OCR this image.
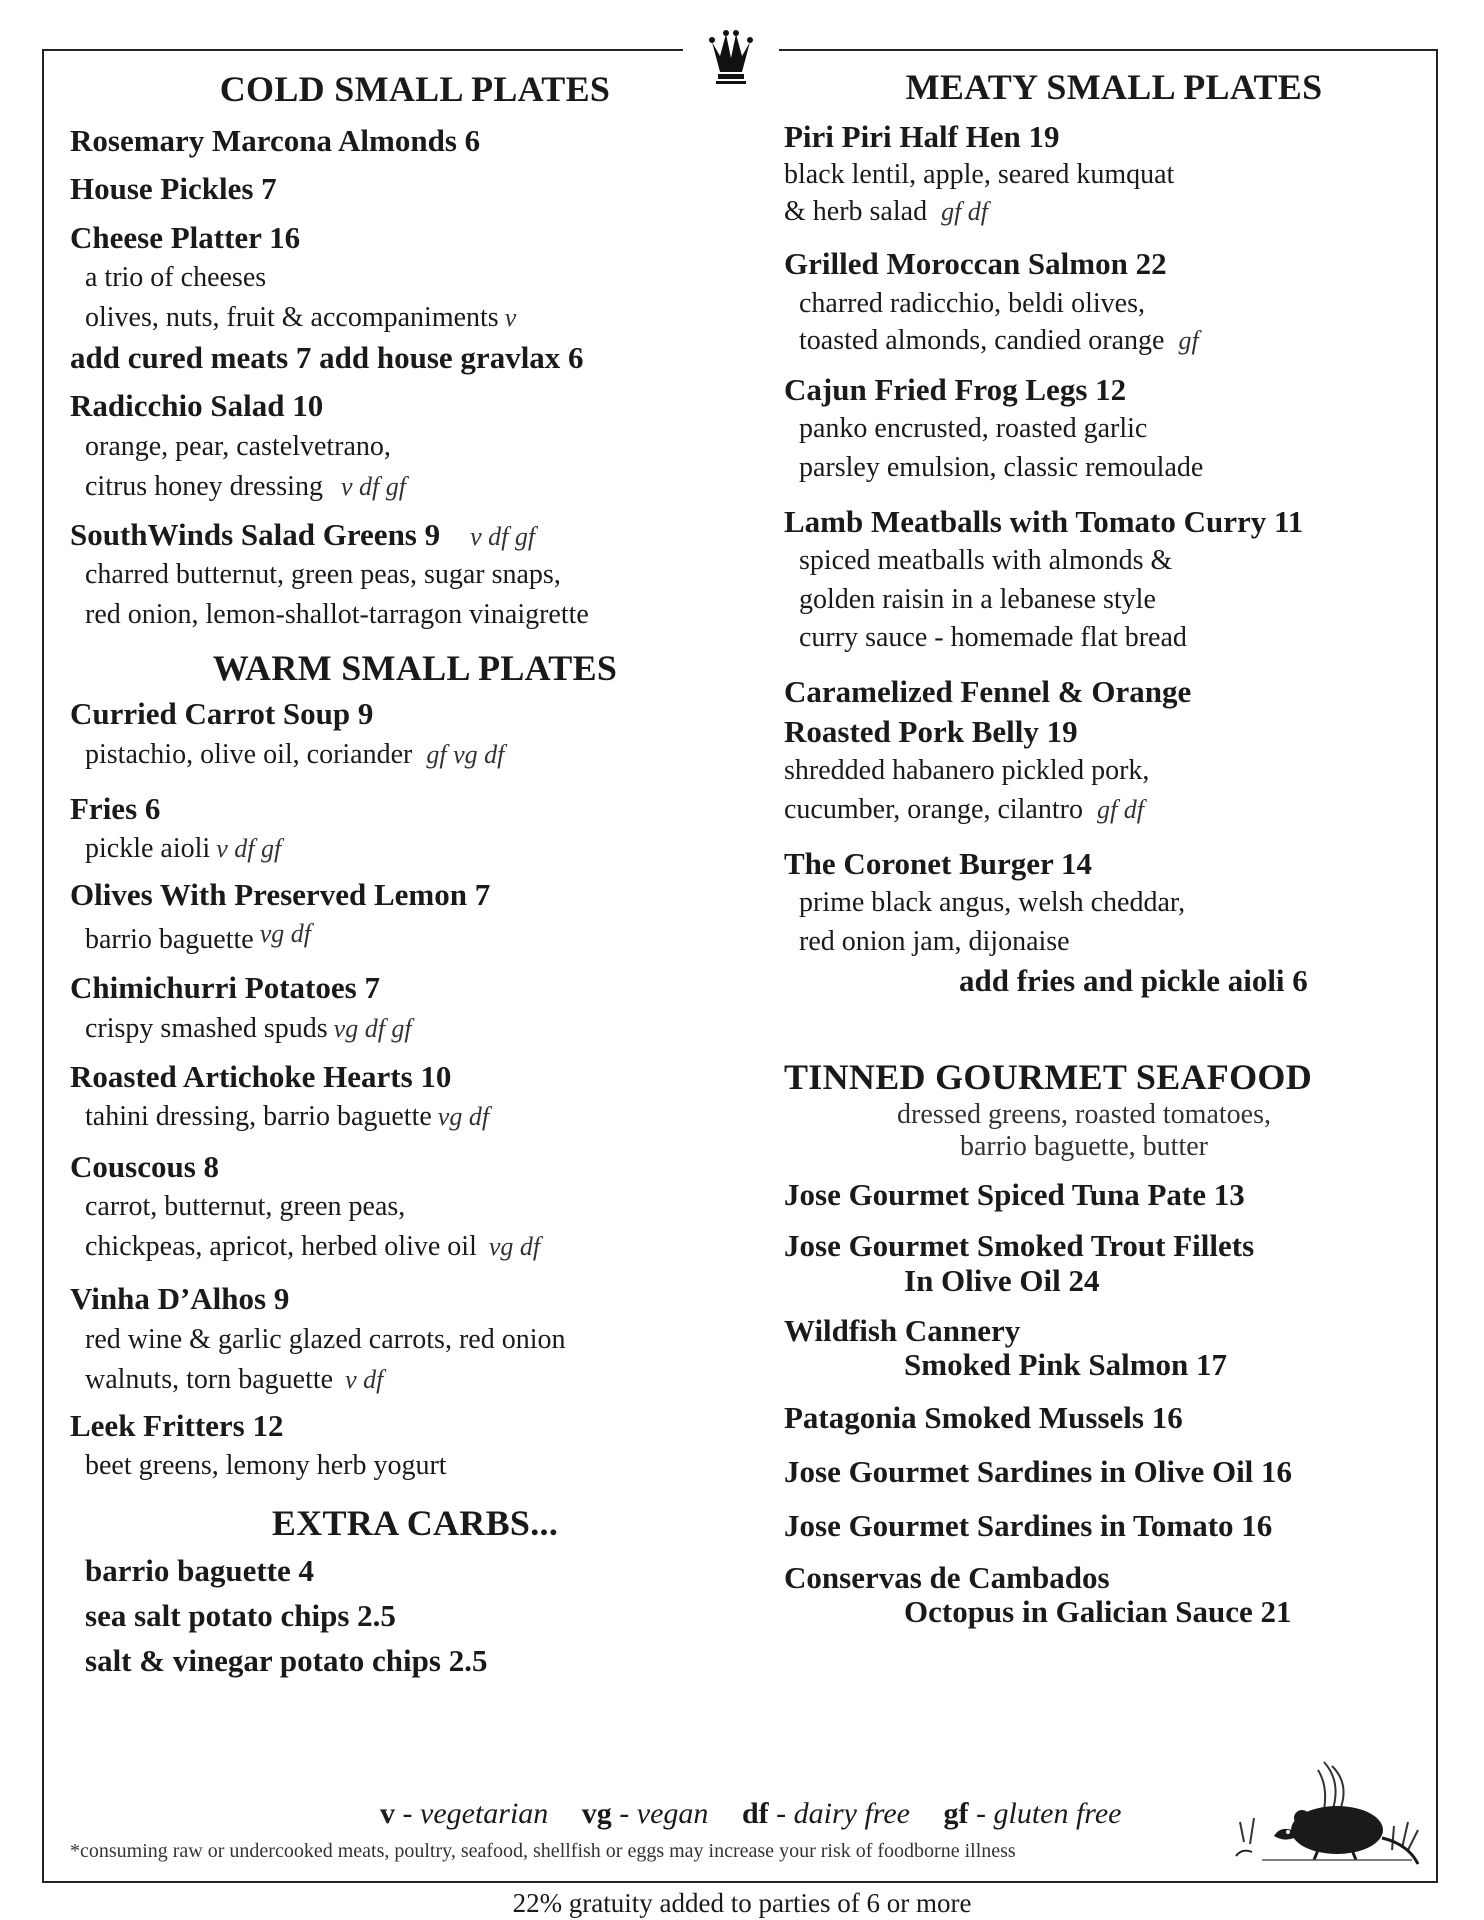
COLD SMALL PLATES
Rosemary Marcona Almonds 6
House Pickles 7
Cheese Platter 16
a trio of cheeses
olives, nuts, fruit & accompaniments v
add cured meats 7 add house gravlax 6
Radicchio Salad 10
orange, pear, castelvetrano,
citrus honey dressing v df gf
SouthWinds Salad Greens 9 v df gf
charred butternut, green peas, sugar snaps,
red onion, lemon-shallot-tarragon vinaigrette
WARM SMALL PLATES
Curried Carrot Soup 9
pistachio, olive oil, coriander gf vg df
Fries 6
pickle aioli v df gf
Olives With Preserved Lemon 7
barrio baguette vg df
Chimichurri Potatoes 7
crispy smashed spuds vg df gf
Roasted Artichoke Hearts 10
tahini dressing, barrio baguette vg df
Couscous 8
carrot, butternut, green peas,
chickpeas, apricot, herbed olive oil vg df
Vinha D’Alhos 9
red wine & garlic glazed carrots, red onion
walnuts, torn baguette v df
Leek Fritters 12
beet greens, lemony herb yogurt
EXTRA CARBS...
barrio baguette 4
sea salt potato chips 2.5
salt & vinegar potato chips 2.5
MEATY SMALL PLATES
Piri Piri Half Hen 19
black lentil, apple, seared kumquat
& herb salad gf df
Grilled Moroccan Salmon 22
charred radicchio, beldi olives,
toasted almonds, candied orange gf
Cajun Fried Frog Legs 12
panko encrusted, roasted garlic
parsley emulsion, classic remoulade
Lamb Meatballs with Tomato Curry 11
spiced meatballs with almonds &
golden raisin in a lebanese style
curry sauce - homemade flat bread
Caramelized Fennel & Orange
Roasted Pork Belly 19
shredded habanero pickled pork,
cucumber, orange, cilantro gf df
The Coronet Burger 14
prime black angus, welsh cheddar,
red onion jam, dijonaise
add fries and pickle aioli 6
TINNED GOURMET SEAFOOD
dressed greens, roasted tomatoes,
barrio baguette, butter
Jose Gourmet Spiced Tuna Pate 13
Jose Gourmet Smoked Trout Fillets
In Olive Oil 24
Wildfish Cannery
Smoked Pink Salmon 17
Patagonia Smoked Mussels 16
Jose Gourmet Sardines in Olive Oil 16
Jose Gourmet Sardines in Tomato 16
Conservas de Cambados
Octopus in Galician Sauce 21
v - vegetarian vg - vegan df - dairy free gf - gluten free
*consuming raw or undercooked meats, poultry, seafood, shellfish or eggs may increase your risk of foodborne illness
22% gratuity added to parties of 6 or more
